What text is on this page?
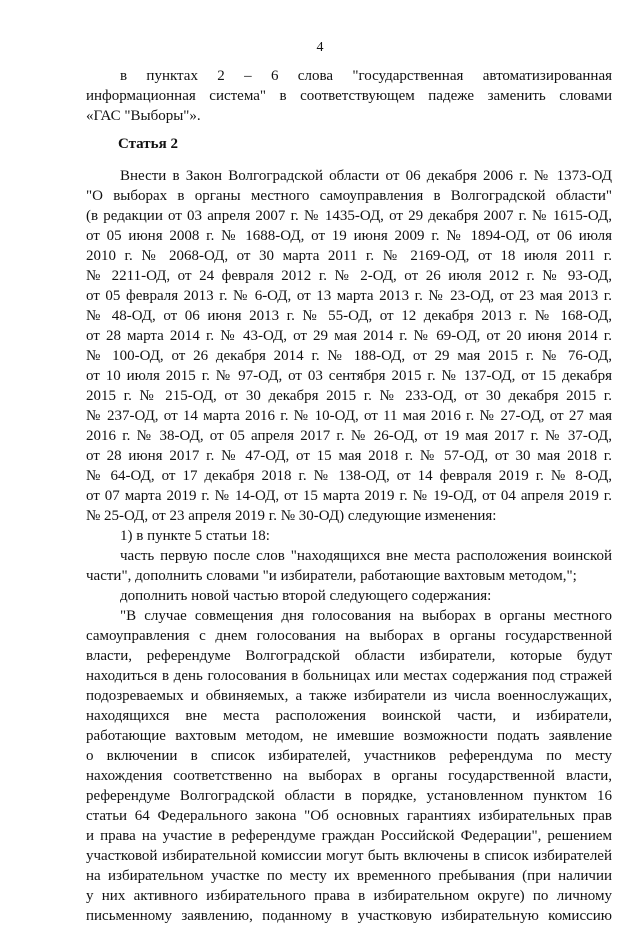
4
в пунктах 2 – 6 слова "государственная автоматизированная
информационная система" в соответствующем падеже заменить словами
«ГАС "Выборы"».
Статья 2
Внести в Закон Волгоградской области от 06 декабря 2006 г. № 1373-ОД
"О выборах в органы местного самоуправления в Волгоградской области"
(в редакции от 03 апреля 2007 г. № 1435-ОД, от 29 декабря 2007 г. № 1615-ОД,
от 05 июня 2008 г. № 1688-ОД, от 19 июня 2009 г. № 1894-ОД, от 06 июля
2010 г. № 2068-ОД, от 30 марта 2011 г. № 2169-ОД, от 18 июля 2011 г.
№ 2211-ОД, от 24 февраля 2012 г. № 2-ОД, от 26 июля 2012 г. № 93-ОД,
от 05 февраля 2013 г. № 6-ОД, от 13 марта 2013 г. № 23-ОД, от 23 мая 2013 г.
№ 48-ОД, от 06 июня 2013 г. № 55-ОД, от 12 декабря 2013 г. № 168-ОД,
от 28 марта 2014 г. № 43-ОД, от 29 мая 2014 г. № 69-ОД, от 20 июня 2014 г.
№ 100-ОД, от 26 декабря 2014 г. № 188-ОД, от 29 мая 2015 г. № 76-ОД,
от 10 июля 2015 г. № 97-ОД, от 03 сентября 2015 г. № 137-ОД, от 15 декабря
2015 г. № 215-ОД, от 30 декабря 2015 г. № 233-ОД, от 30 декабря 2015 г.
№ 237-ОД, от 14 марта 2016 г. № 10-ОД, от 11 мая 2016 г. № 27-ОД, от 27 мая
2016 г. № 38-ОД, от 05 апреля 2017 г. № 26-ОД, от 19 мая 2017 г. № 37-ОД,
от 28 июня 2017 г. № 47-ОД, от 15 мая 2018 г. № 57-ОД, от 30 мая 2018 г.
№ 64-ОД, от 17 декабря 2018 г. № 138-ОД, от 14 февраля 2019 г. № 8-ОД,
от 07 марта 2019 г. № 14-ОД, от 15 марта 2019 г. № 19-ОД, от 04 апреля 2019 г.
№ 25-ОД, от 23 апреля 2019 г. № 30-ОД) следующие изменения:
1) в пункте 5 статьи 18:
часть первую после слов "находящихся вне места расположения воинской
части", дополнить словами "и избиратели, работающие вахтовым методом,";
дополнить новой частью второй следующего содержания:
"В случае совмещения дня голосования на выборах в органы местного
самоуправления с днем голосования на выборах в органы государственной
власти, референдуме Волгоградской области избиратели, которые будут
находиться в день голосования в больницах или местах содержания под стражей
подозреваемых и обвиняемых, а также избиратели из числа военнослужащих,
находящихся вне места расположения воинской части, и избиратели,
работающие вахтовым методом, не имевшие возможности подать заявление
о включении в список избирателей, участников референдума по месту
нахождения соответственно на выборах в органы государственной власти,
референдуме Волгоградской области в порядке, установленном пунктом 16
статьи 64 Федерального закона "Об основных гарантиях избирательных прав
и права на участие в референдуме граждан Российской Федерации", решением
участковой избирательной комиссии могут быть включены в список избирателей
на избирательном участке по месту их временного пребывания (при наличии
у них активного избирательного права в избирательном округе) по личному
письменному заявлению, поданному в участковую избирательную комиссию
